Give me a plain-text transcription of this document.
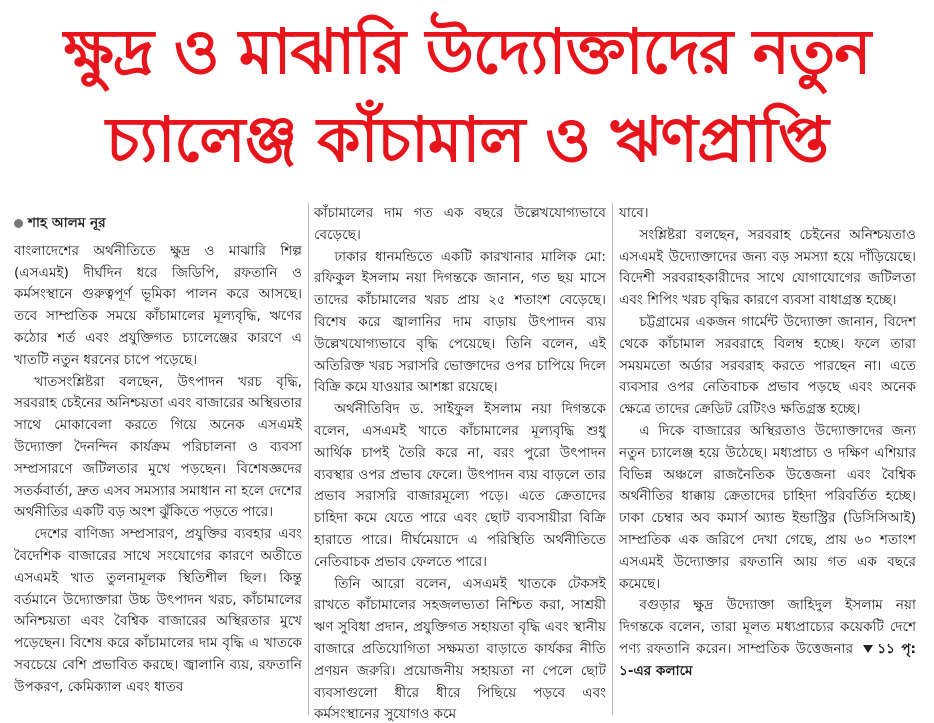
ক্ষুদ্র ও মাঝারি উদ্যোক্তাদের নতুন
চ্যালেঞ্জ কাঁচামাল ও ঋণপ্রাপ্তি
শাহ আলম নূর

বাংলাদেশের অর্থনীতিতে ক্ষুদ্র ও মাঝারি শিল্প (এসএমই) দীর্ঘদিন ধরে জিডিপি, রফতানি ও কর্মসংস্থানে গুরুত্বপূর্ণ ভূমিকা পালন করে আসছে। তবে সাম্প্রতিক সময়ে কাঁচামালের মূল্যবৃদ্ধি, ঋণের কঠোর শর্ত এবং প্রযুক্তিগত চ্যালেঞ্জের কারণে এ খাতটি নতুন ধরনের চাপে পড়েছে।

খাতসংশ্লিষ্টরা বলছেন, উৎপাদন খরচ বৃদ্ধি, সরবরাহ চেইনের অনিশ্চয়তা এবং বাজারের অস্থিরতার সাথে মোকাবেলা করতে গিয়ে অনেক এসএমই উদ্যোক্তা দৈনন্দিন কার্যক্রম পরিচালনা ও ব্যবসা সম্প্রসারণে জটিলতার মুখে পড়ছেন। বিশেষজ্ঞদের সতর্কবার্তা, দ্রুত এসব সমস্যার সমাধান না হলে দেশের অর্থনীতির একটি বড় অংশ ঝুঁকিতে পড়তে পারে।

দেশের বাণিজ্য সম্প্রসারণ, প্রযুক্তির ব্যবহার এবং বৈদেশিক বাজারের সাথে সংযোগের কারণে অতীতে এসএমই খাত তুলনামূলক স্থিতিশীল ছিল। কিন্তু বর্তমানে উদ্যোক্তারা উচ্চ উৎপাদন খরচ, কাঁচামালের অনিশ্চয়তা এবং বৈশ্বিক বাজারের অস্থিরতার মুখে পড়েছেন। বিশেষ করে কাঁচামালের দাম বৃদ্ধি এ খাতকে সবচেয়ে বেশি প্রভাবিত করছে। জ্বালানি ব্যয়, রফতানি উপকরণ, কেমিক্যাল এবং ধাতব

কাঁচামালের দাম গত এক বছরে উল্লেখযোগ্যভাবে বেড়েছে।

ঢাকার ধানমন্ডিতে একটি কারখানার মালিক মো: রফিকুল ইসলাম নয়া দিগন্তকে জানান, গত ছয় মাসে তাদের কাঁচামালের খরচ প্রায় ২৫ শতাংশ বেড়েছে। বিশেষ করে জ্বালানির দাম বাড়ায় উৎপাদন ব্যয় উল্লেখযোগ্যভাবে বৃদ্ধি পেয়েছে। তিনি বলেন, এই অতিরিক্ত খরচ সরাসরি ভোক্তাদের ওপর চাপিয়ে দিলে বিক্রি কমে যাওয়ার আশঙ্কা রয়েছে।

অর্থনীতিবিদ ড. সাইফুল ইসলাম নয়া দিগন্তকে বলেন, এসএমই খাতে কাঁচামালের মূল্যবৃদ্ধি শুধু আর্থিক চাপই তৈরি করে না, বরং পুরো উৎপাদন ব্যবস্থার ওপর প্রভাব ফেলে। উৎপাদন ব্যয় বাড়লে তার প্রভাব সরাসরি বাজারমূল্যে পড়ে। এতে ক্রেতাদের চাহিদা কমে যেতে পারে এবং ছোট ব্যবসায়ীরা বিক্রি হারাতে পারে। দীর্ঘমেয়াদে এ পরিস্থিতি অর্থনীতিতে নেতিবাচক প্রভাব ফেলতে পারে।

তিনি আরো বলেন, এসএমই খাতকে টেকসই রাখতে কাঁচামালের সহজলভ্যতা নিশ্চিত করা, সাশ্রয়ী ঋণ সুবিধা প্রদান, প্রযুক্তিগত সহায়তা বৃদ্ধি এবং স্থানীয় বাজারে প্রতিযোগিতা সক্ষমতা বাড়াতে কার্যকর নীতি প্রণয়ন জরুরি। প্রয়োজনীয় সহায়তা না পেলে ছোট ব্যবসাগুলো ধীরে ধীরে পিছিয়ে পড়বে এবং কর্মসংস্থানের সুযোগও কমে

যাবে।

সংশ্লিষ্টরা বলছেন, সরবরাহ চেইনের অনিশ্চয়তাও এসএমই উদ্যোক্তাদের জন্য বড় সমস্যা হয়ে দাঁড়িয়েছে। বিদেশী সরবরাহকারীদের সাথে যোগাযোগের জটিলতা এবং শিপিং খরচ বৃদ্ধির কারণে ব্যবসা বাধাগ্রস্ত হচ্ছে।

চট্টগ্রামের একজন গার্মেন্ট উদ্যোক্তা জানান, বিদেশ থেকে কাঁচামাল সরবরাহে বিলম্ব হচ্ছে। ফলে তারা সময়মতো অর্ডার সরবরাহ করতে পারছেন না। এতে ব্যবসার ওপর নেতিবাচক প্রভাব পড়ছে এবং অনেক ক্ষেত্রে তাদের ক্রেডিট রেটিংও ক্ষতিগ্রস্ত হচ্ছে।

এ দিকে বাজারের অস্থিরতাও উদ্যোক্তাদের জন্য নতুন চ্যালেঞ্জ হয়ে উঠেছে। মধ্যপ্রাচ্য ও দক্ষিণ এশিয়ার বিভিন্ন অঞ্চলে রাজনৈতিক উত্তেজনা এবং বৈশ্বিক অর্থনীতির ধাক্কায় ক্রেতাদের চাহিদা পরিবর্তিত হচ্ছে। ঢাকা চেম্বার অব কমার্স অ্যান্ড ইন্ডাস্ট্রির (ডিসিসিআই) সাম্প্রতিক এক জরিপে দেখা গেছে, প্রায় ৬০ শতাংশ এসএমই উদ্যোক্তার রফতানি আয় গত এক বছরে কমেছে।

বগুড়ার ক্ষুদ্র উদ্যোক্তা জাহিদুল ইসলাম নয়া দিগন্তকে বলেন, তারা মূলত মধ্যপ্রাচ্যের কয়েকটি দেশে পণ্য রফতানি করেন। সাম্প্রতিক উত্তেজনার ১১ পৃ: ১-এর কলামে
